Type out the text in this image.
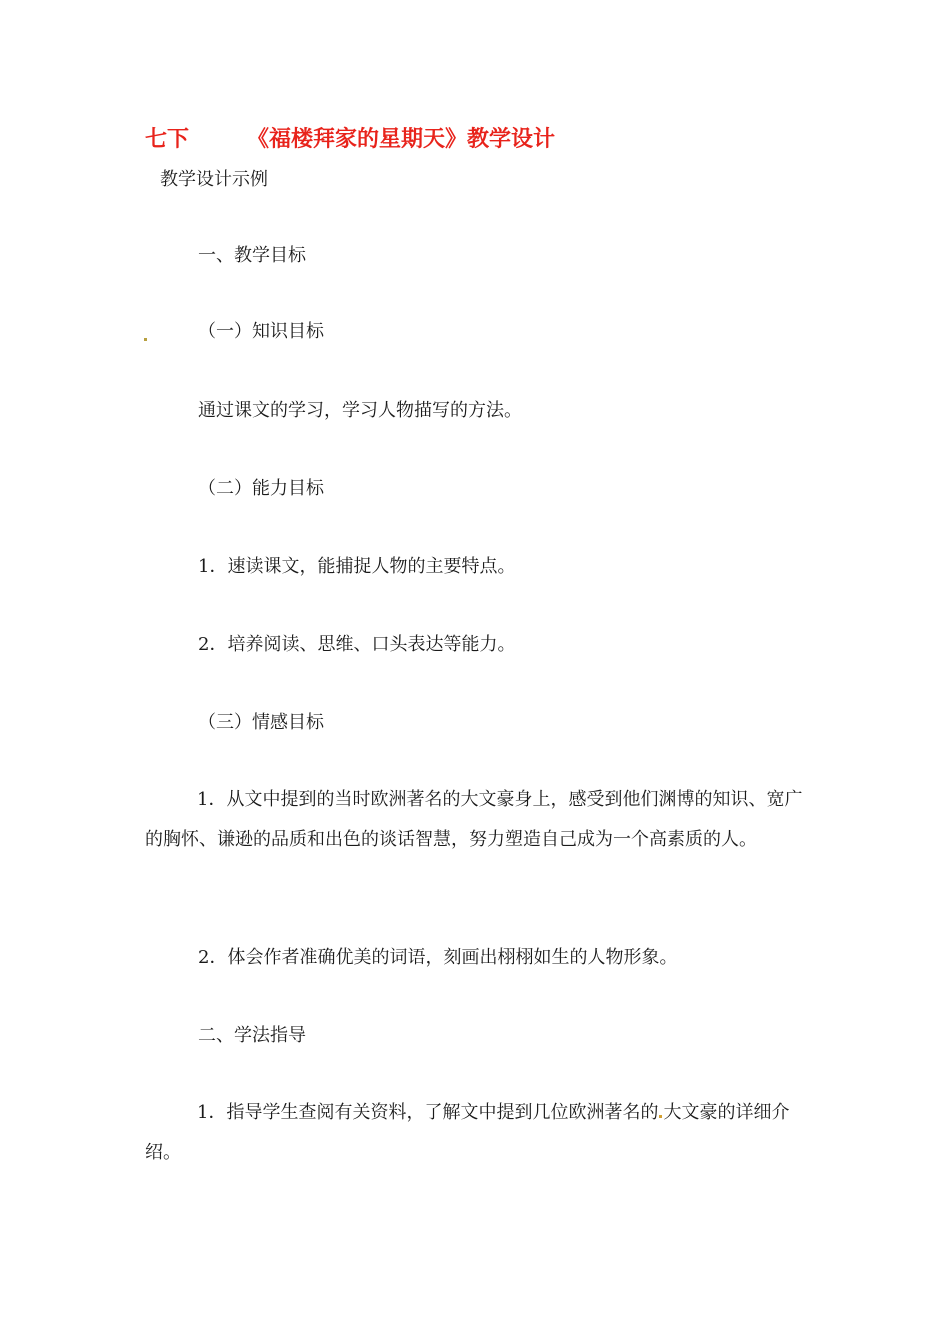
七下	《福楼拜家的星期天》教学设计
教学设计示例
一、教学目标
（一）知识目标
通过课文的学习，学习人物描写的方法。
（二）能力目标
1．速读课文，能捕捉人物的主要特点。
2．培养阅读、思维、口头表达等能力。
（三）情感目标
1．从文中提到的当时欧洲著名的大文豪身上，感受到他们渊博的知识、宽广的胸怀、谦逊的品质和出色的谈话智慧，努力塑造自己成为一个高素质的人。
2．体会作者准确优美的词语，刻画出栩栩如生的人物形象。
二、学法指导
1．指导学生查阅有关资料，了解文中提到几位欧洲著名的 大文豪的详细介绍。
